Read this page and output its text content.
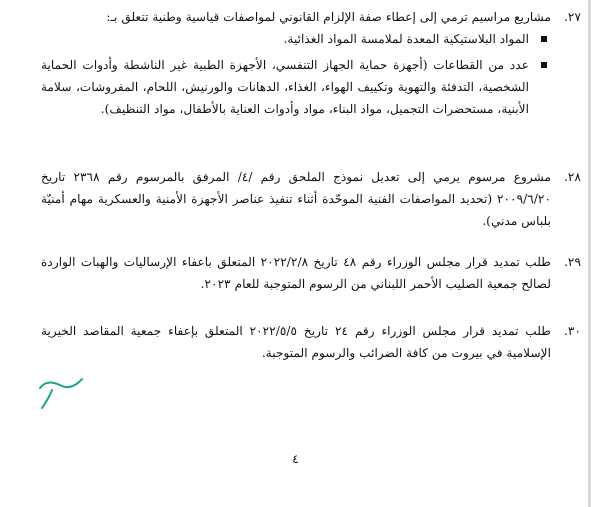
٢٧.
مشاريع مراسيم ترمي إلى إعطاء صفة الإلزام القانوني لمواصفات قياسية وطنية تتعلق بـ:
المواد البلاستيكية المعدة لملامسة المواد الغذائية.
عدد من القطاعات (أجهزة حماية الجهاز التنفسي، الأجهزة الطبية غير الناشطة وأدوات الحماية الشخصية، التدفئة والتهوية وتكييف الهواء، الغذاء، الدهانات والورنيش، اللحام، المفروشات، سلامة الأبنية، مستحضرات التجميل، مواد البناء، مواد وأدوات العناية بالأطفال، مواد التنظيف).
٢٨.
مشروع مرسوم يرمي إلى تعديل نموذج الملحق رقم /٤/ المرفق بالمرسوم رقم ٢٣٦٨ تاريخ ٢٠٠٩/٦/٢٠ (تحديد المواصفات الفنية الموحّدة أثناء تنفيذ عناصر الأجهزة الأمنية والعسكرية مهام أمنيّة بلباس مدني).
٢٩.
طلب تمديد قرار مجلس الوزراء رقم ٤٨ تاريخ ٢٠٢٢/٢/٨ المتعلق باعفاء الإرساليات والهبات الواردة لصالح جمعية الصليب الأحمر اللبناني من الرسوم المتوجبة للعام ٢٠٢٣.
٣٠.
طلب تمديد قرار مجلس الوزراء رقم ٢٤ تاريخ ٢٠٢٢/٥/٥ المتعلق بإعفاء جمعية المقاصد الخيرية الإسلامية في بيروت من كافة الضرائب والرسوم المتوجبة.
٤
